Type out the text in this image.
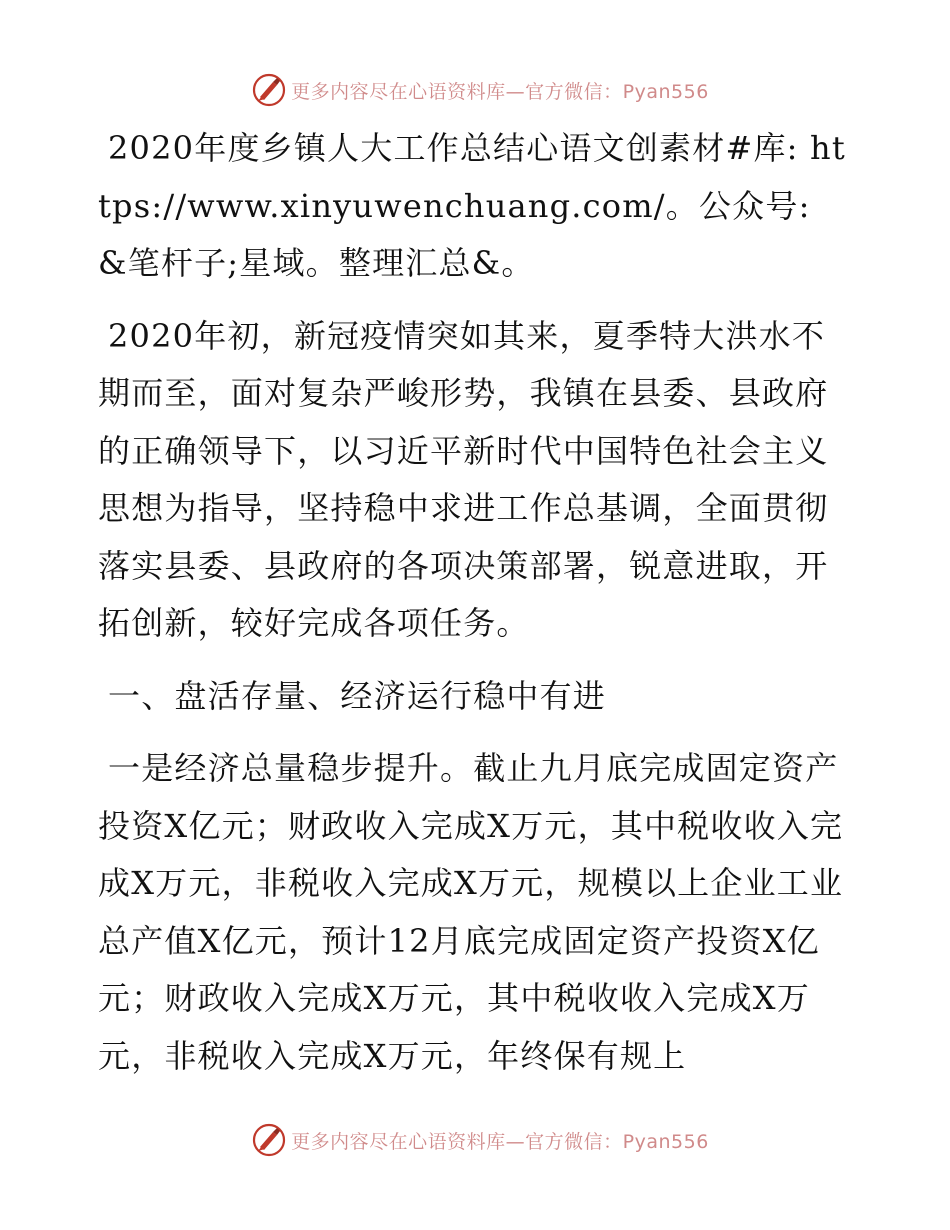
更多内容尽在心语资料库—官方微信：Pyan556

2020年度乡镇人大工作总结心语文创素材#库: https://www.xinyuwenchuang.com/。公众号: &笔杆子;星域。整理汇总&。

2020年初，新冠疫情突如其来，夏季特大洪水不期而至，面对复杂严峻形势，我镇在县委、县政府的正确领导下，以习近平新时代中国特色社会主义思想为指导，坚持稳中求进工作总基调，全面贯彻落实县委、县政府的各项决策部署，锐意进取，开拓创新，较好完成各项任务。

一、盘活存量、经济运行稳中有进

一是经济总量稳步提升。截止九月底完成固定资产投资X亿元；财政收入完成X万元，其中税收收入完成X万元，非税收入完成X万元，规模以上企业工业总产值X亿元，预计12月底完成固定资产投资X亿元；财政收入完成X万元，其中税收收入完成X万元，非税收入完成X万元，年终保有规上

更多内容尽在心语资料库—官方微信：Pyan556
